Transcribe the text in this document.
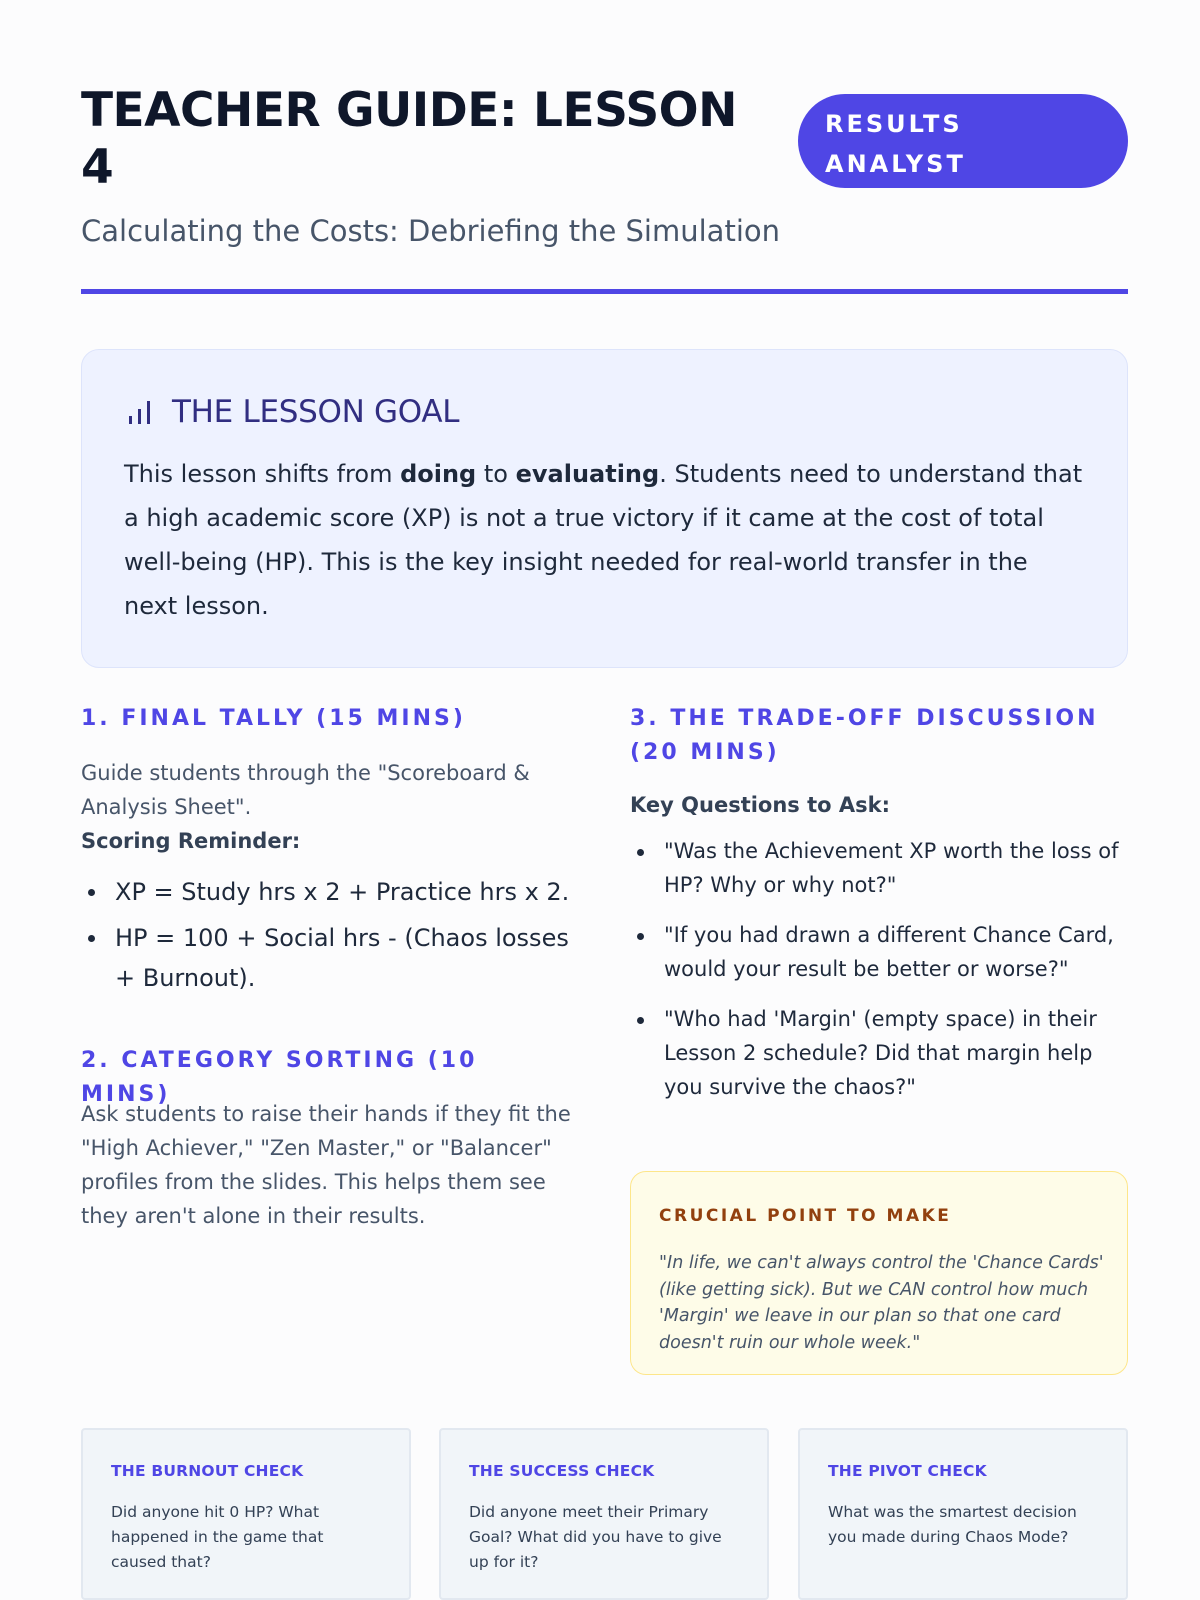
TEACHER GUIDE: LESSON 4
RESULTS ANALYST

Calculating the Costs: Debriefing the Simulation

THE LESSON GOAL

This lesson shifts from doing to evaluating. Students need to understand that a high academic score (XP) is not a true victory if it came at the cost of total well-being (HP). This is the key insight needed for real-world transfer in the next lesson.

1. FINAL TALLY (15 MINS)

Guide students through the "Scoreboard & Analysis Sheet".
Scoring Reminder:

XP = Study hrs x 2 + Practice hrs x 2.
HP = 100 + Social hrs - (Chaos losses + Burnout).
2. CATEGORY SORTING (10 MINS)

Ask students to raise their hands if they fit the "High Achiever," "Zen Master," or "Balancer" profiles from the slides. This helps them see they aren't alone in their results.

3. THE TRADE-OFF DISCUSSION (20 MINS)

Key Questions to Ask:

"Was the Achievement XP worth the loss of HP? Why or why not?"
"If you had drawn a different Chance Card, would your result be better or worse?"
"Who had 'Margin' (empty space) in their Lesson 2 schedule? Did that margin help you survive the chaos?"

CRUCIAL POINT TO MAKE

"In life, we can't always control the 'Chance Cards' (like getting sick). But we CAN control how much 'Margin' we leave in our plan so that one card doesn't ruin our whole week."

THE BURNOUT CHECK

Did anyone hit 0 HP? What happened in the game that caused that?

THE SUCCESS CHECK

Did anyone meet their Primary Goal? What did you have to give up for it?

THE PIVOT CHECK

What was the smartest decision you made during Chaos Mode?
